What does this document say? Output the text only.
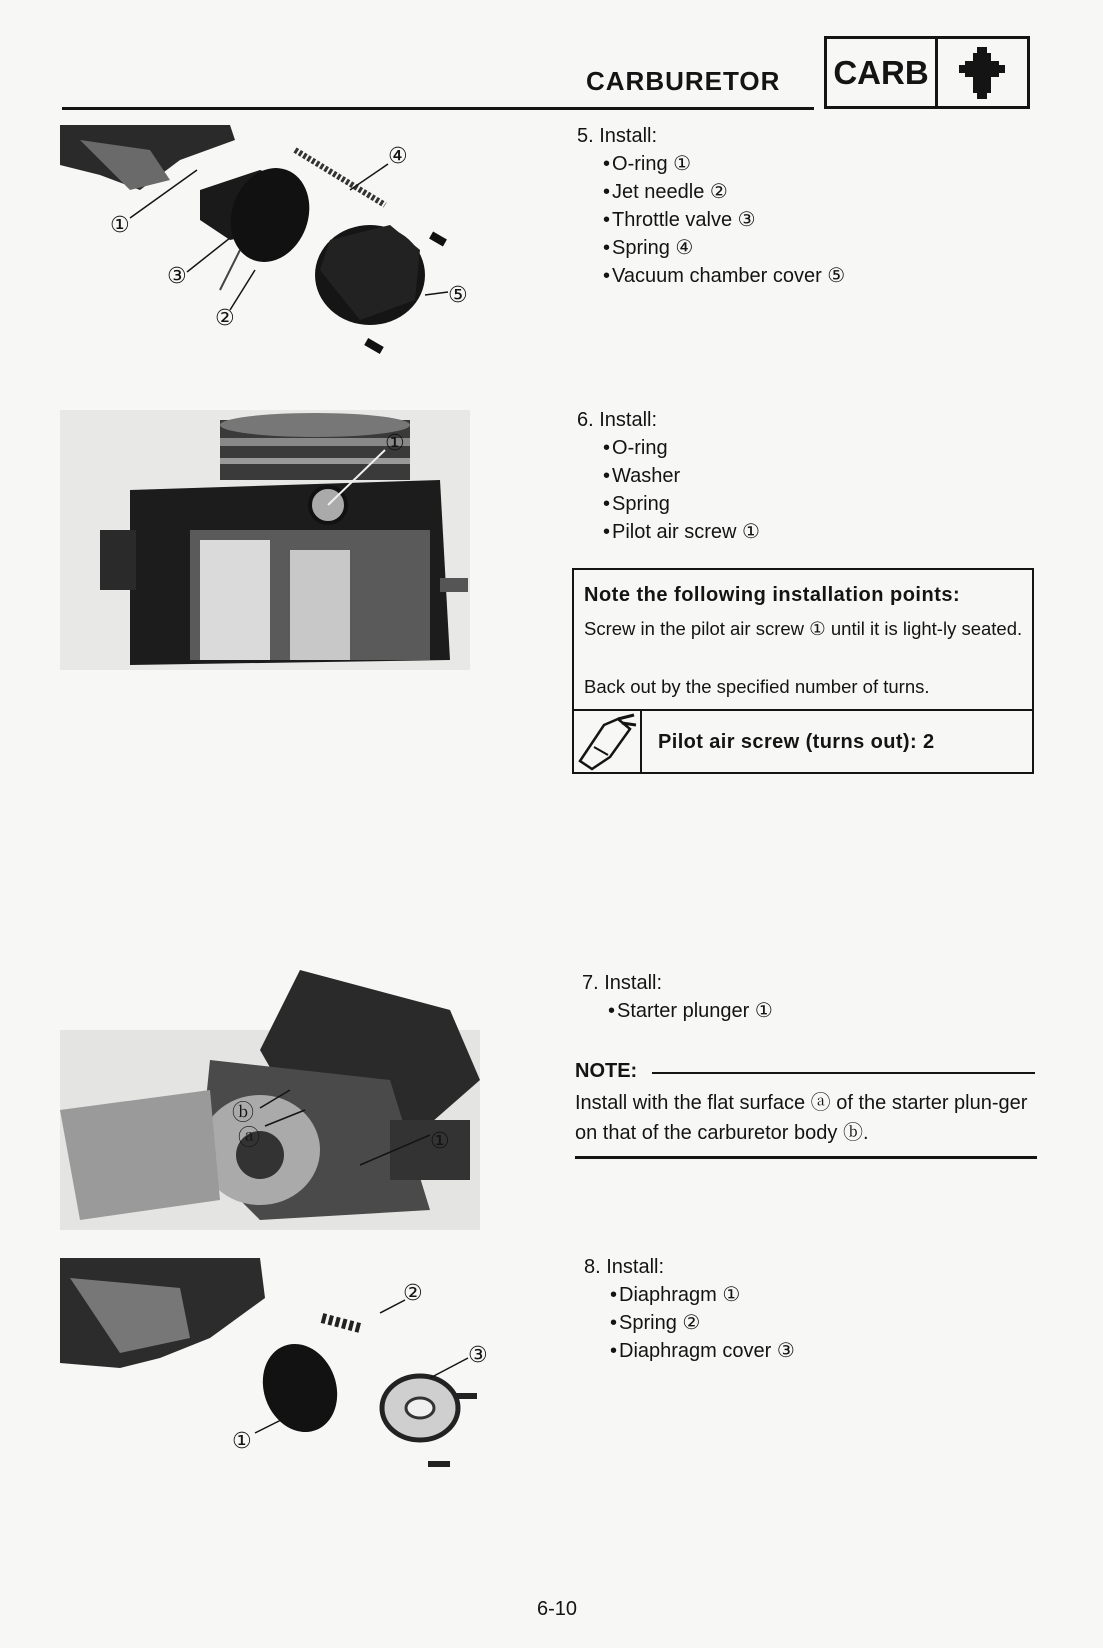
CARBURETOR CARB
①
②
③
④
⑤
5. Install:
• O-ring ①
• Jet needle ②
• Throttle valve ③
• Spring ④
• Vacuum chamber cover ⑤
①
6. Install:
• O-ring
• Washer
• Spring
• Pilot air screw ①
Note the following installation points:
Screw in the pilot air screw ① until it is light-ly seated.
Back out by the specified number of turns.
Pilot air screw (turns out): 2
ⓑ
ⓐ	①
7. Install:
• Starter plunger ①
NOTE:
Install with the flat surface ⓐ of the starter plun-ger on that of the carburetor body ⓑ.
②
③
①
8. Install:
• Diaphragm ①
• Spring ②
• Diaphragm cover ③
6-10
